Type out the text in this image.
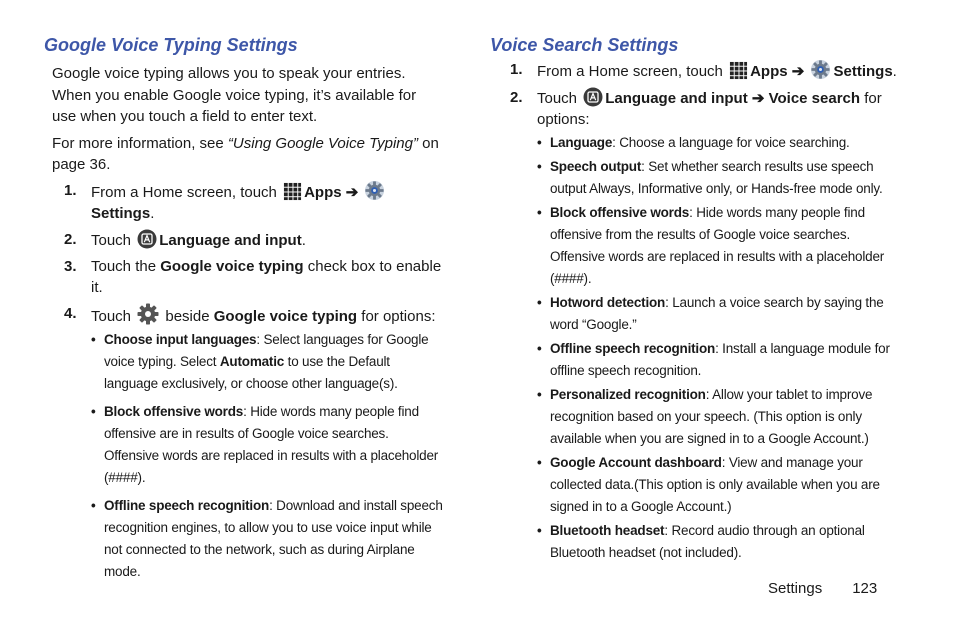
Google Voice Typing Settings

Google voice typing allows you to speak your entries. When you enable Google voice typing, it’s available for use when you touch a field to enter text.

For more information, see “Using Google Voice Typing” on page 36.

1. From a Home screen, touch Apps ➔ Settings.
2. Touch Language and input.
3. Touch the Google voice typing check box to enable it.
4. Touch  beside Google voice typing for options:
• Choose input languages: Select languages for Google voice typing. Select Automatic to use the Default language exclusively, or choose other language(s).
• Block offensive words: Hide words many people find offensive are in results of Google voice searches. Offensive words are replaced in results with a placeholder (####).
• Offline speech recognition: Download and install speech recognition engines, to allow you to use voice input while not connected to the network, such as during Airplane mode.
Voice Search Settings
1. From a Home screen, touch Apps ➔ Settings.
2. Touch Language and input ➔ Voice search for options:
• Language: Choose a language for voice searching.
• Speech output: Set whether search results use speech output Always, Informative only, or Hands-free mode only.
• Block offensive words: Hide words many people find offensive from the results of Google voice searches. Offensive words are replaced in results with a placeholder (####).
• Hotword detection: Launch a voice search by saying the word “Google.”
• Offline speech recognition: Install a language module for offline speech recognition.
• Personalized recognition: Allow your tablet to improve recognition based on your speech. (This option is only available when you are signed in to a Google Account.)
• Google Account dashboard: View and manage your collected data.(This option is only available when you are signed in to a Google Account.)
• Bluetooth headset: Record audio through an optional Bluetooth headset (not included).
Settings 123
